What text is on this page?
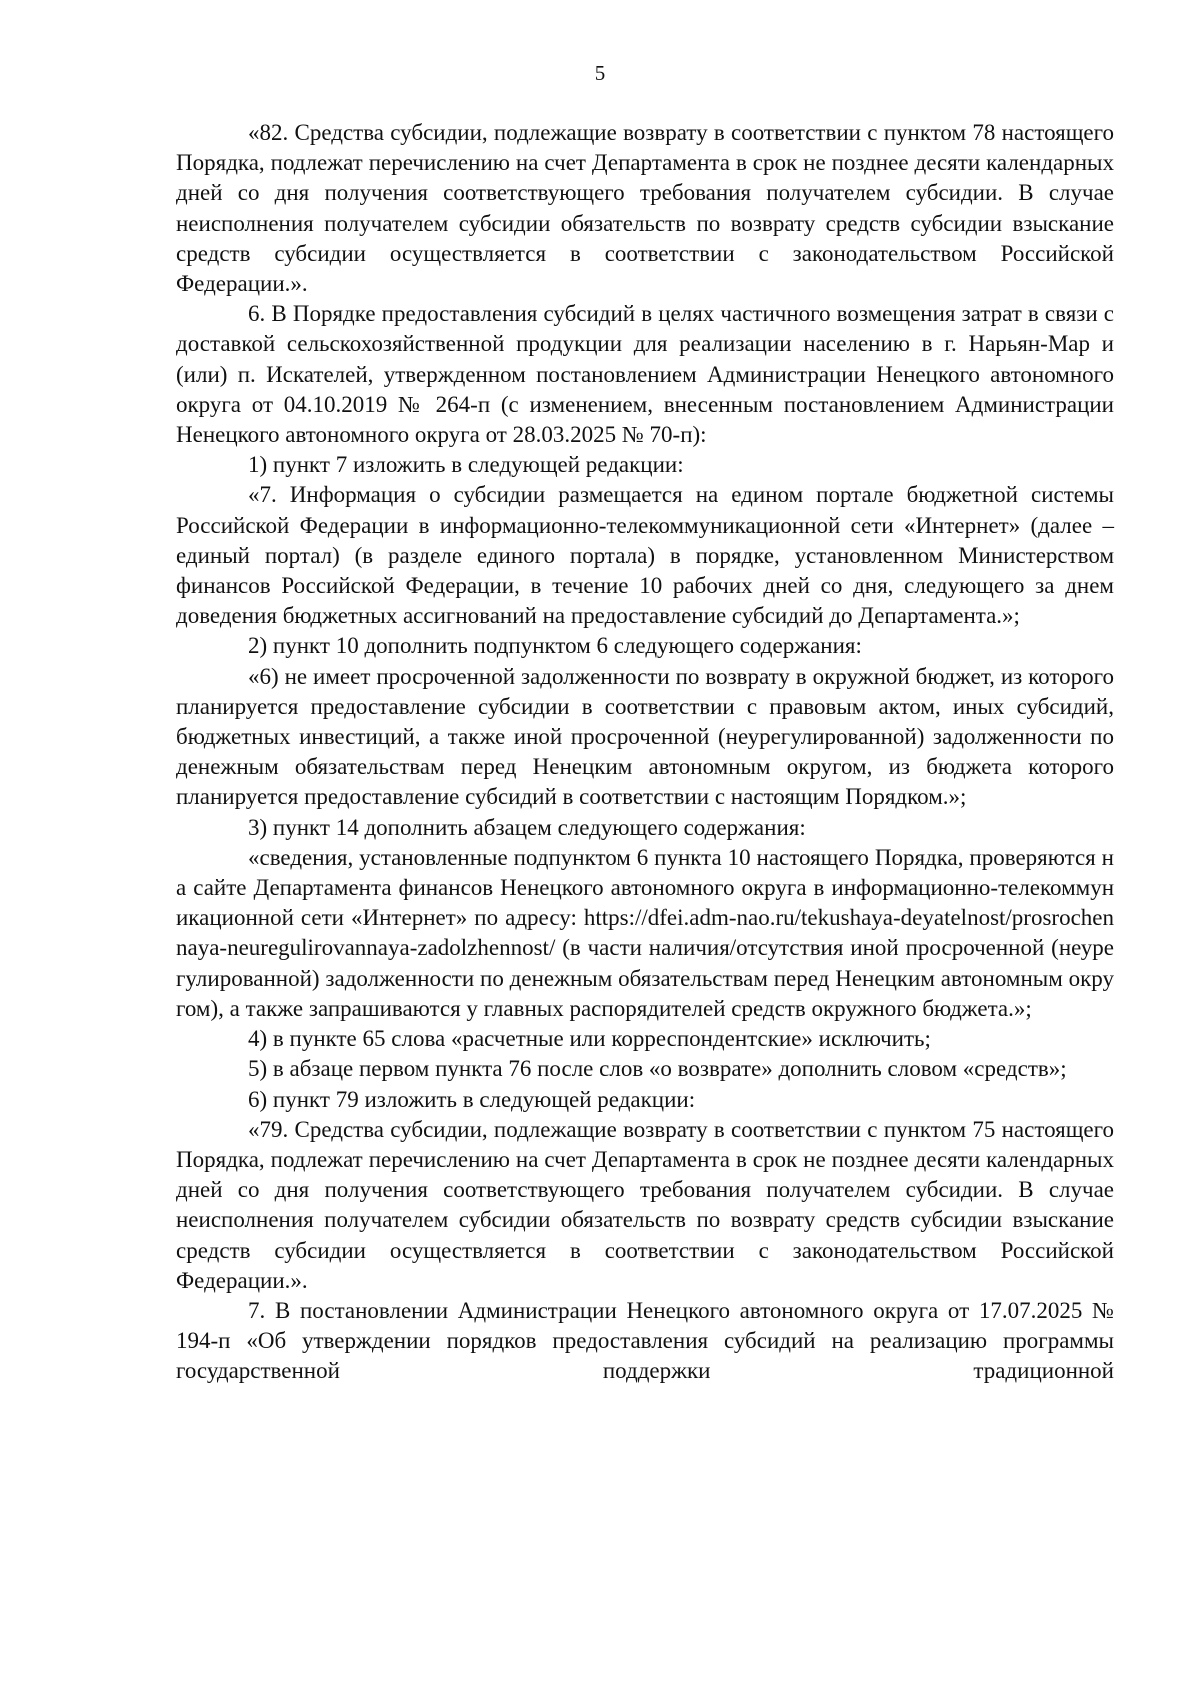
5

«82. Средства субсидии, подлежащие возврату в соответствии с пунктом 78 настоящего Порядка, подлежат перечислению на счет Департамента в срок не позднее десяти календарных дней со дня получения соответствующего требования получателем субсидии. В случае неисполнения получателем субсидии обязательств по возврату средств субсидии взыскание средств субсидии осуществляется в соответствии с законодательством Российской Федерации.».

6. В Порядке предоставления субсидий в целях частичного возмещения затрат в связи с доставкой сельскохозяйственной продукции для реализации населению в г. Нарьян-Мар и (или) п. Искателей, утвержденном постановлением Администрации Ненецкого автономного округа от 04.10.2019 № 264-п (с изменением, внесенным постановлением Администрации Ненецкого автономного округа от 28.03.2025 № 70-п):

1) пункт 7 изложить в следующей редакции:

«7. Информация о субсидии размещается на едином портале бюджетной системы Российской Федерации в информационно-телекоммуникационной сети «Интернет» (далее – единый портал) (в разделе единого портала) в порядке, установленном Министерством финансов Российской Федерации, в течение 10 рабочих дней со дня, следующего за днем доведения бюджетных ассигнований на предоставление субсидий до Департамента.»;

2) пункт 10 дополнить подпунктом 6 следующего содержания:

«6) не имеет просроченной задолженности по возврату в окружной бюджет, из которого планируется предоставление субсидии в соответствии с правовым актом, иных субсидий, бюджетных инвестиций, а также иной просроченной (неурегулированной) задолженности по денежным обязательствам перед Ненецким автономным округом, из бюджета которого планируется предоставление субсидий в соответствии с настоящим Порядком.»;

3) пункт 14 дополнить абзацем следующего содержания:

«сведения, установленные подпунктом 6 пункта 10 настоящего Порядка, проверяются на сайте Департамента финансов Ненецкого автономного округа в информационно-телекоммуникационной сети «Интернет» по адресу: https://dfei.adm-nao.ru/tekushaya-deyatelnost/prosrochennaya-neuregulirovannaya-zadolzhennost/ (в части наличия/отсутствия иной просроченной (неурегулированной) задолженности по денежным обязательствам перед Ненецким автономным округом), а также запрашиваются у главных распорядителей средств окружного бюджета.»;

4) в пункте 65 слова «расчетные или корреспондентские» исключить;

5) в абзаце первом пункта 76 после слов «о возврате» дополнить словом «средств»;

6) пункт 79 изложить в следующей редакции:

«79. Средства субсидии, подлежащие возврату в соответствии с пунктом 75 настоящего Порядка, подлежат перечислению на счет Департамента в срок не позднее десяти календарных дней со дня получения соответствующего требования получателем субсидии. В случае неисполнения получателем субсидии обязательств по возврату средств субсидии взыскание средств субсидии осуществляется в соответствии с законодательством Российской Федерации.».

7. В постановлении Администрации Ненецкого автономного округа от 17.07.2025 № 194-п «Об утверждении порядков предоставления субсидий на реализацию программы государственной поддержки традиционной
